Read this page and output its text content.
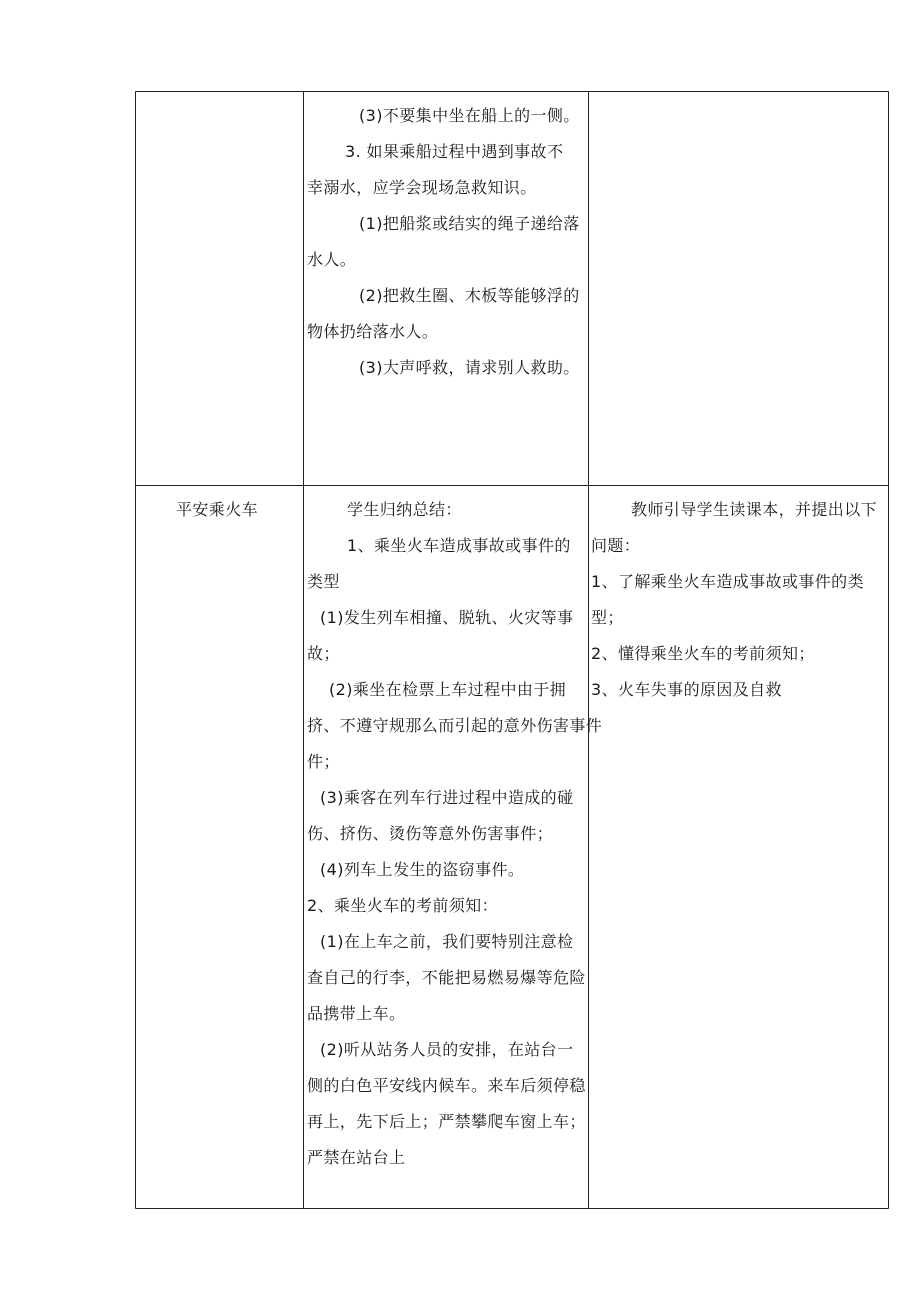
(3)不要集中坐在船上的一侧。
3. 如果乘船过程中遇到事故不
幸溺水，应学会现场急救知识。
(1)把船浆或结实的绳子递给落
水人。
(2)把救生圈、木板等能够浮的
物体扔给落水人。
(3)大声呼救，请求别人救助。
平安乘火车	学生归纳总结：
1、乘坐火车造成事故或事件的
类型
(1)发生列车相撞、脱轨、火灾等事
故；
(2)乘坐在检票上车过程中由于拥
挤、不遵守规那么而引起的意外伤害事件
件；
(3)乘客在列车行进过程中造成的碰
伤、挤伤、烫伤等意外伤害事件；
(4)列车上发生的盗窃事件。
2、乘坐火车的考前须知：
(1)在上车之前，我们要特别注意检
查自己的行李，不能把易燃易爆等危险
品携带上车。
(2)听从站务人员的安排，在站台一
侧的白色平安线内候车。来车后须停稳
再上，先下后上；严禁攀爬车窗上车；
严禁在站台上
教师引导学生读课本，并提出以下
问题：
1、了解乘坐火车造成事故或事件的类
型；
2、懂得乘坐火车的考前须知；
3、火车失事的原因及自救
